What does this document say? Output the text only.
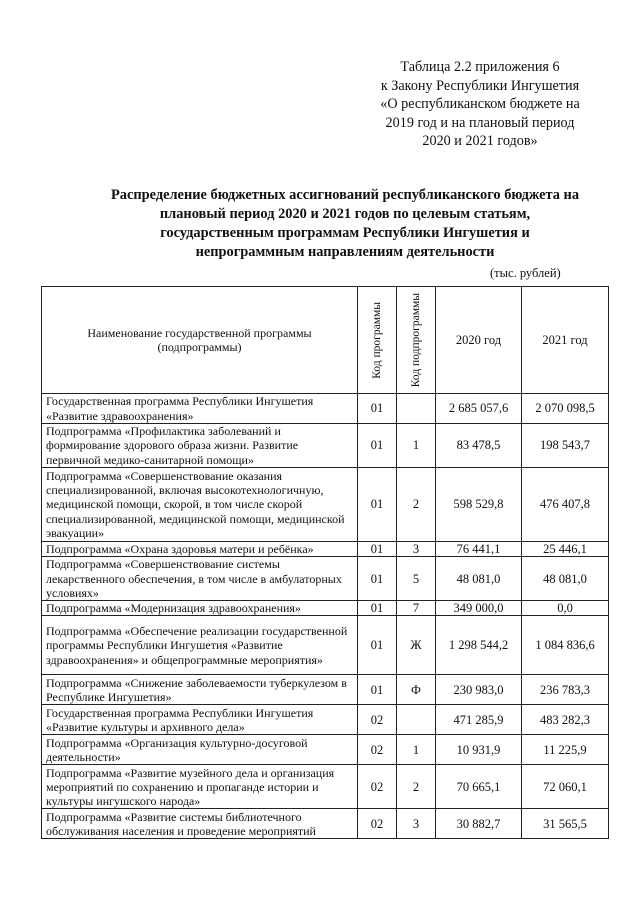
Таблица 2.2 приложения 6
к Закону Республики Ингушетия
«О республиканском бюджете на
2019 год и на плановый период
2020 и 2021 годов»
Распределение бюджетных ассигнований республиканского бюджета на
плановый период 2020 и 2021 годов по целевым статьям,
государственным программам Республики Ингушетия и
непрограммным направлениям деятельности
(тыс. рублей)
Наименование государственной программы (подпрограммы)	Код программы	Код подпрограммы	2020 год	2021 год
Государственная программа Республики Ингушетия «Развитие здравоохранения»	01		2 685 057,6	2 070 098,5
Подпрограмма «Профилактика заболеваний и формирование здорового образа жизни. Развитие первичной медико-санитарной помощи»	01	1	83 478,5	198 543,7
Подпрограмма «Совершенствование оказания специализированной, включая высокотехнологичную, медицинской помощи, скорой, в том числе скорой специализированной, медицинской помощи, медицинской эвакуации»	01	2	598 529,8	476 407,8
Подпрограмма «Охрана здоровья матери и ребёнка»	01	3	76 441,1	25 446,1
Подпрограмма «Совершенствование системы лекарственного обеспечения, в том числе в амбулаторных условиях»	01	5	48 081,0	48 081,0
Подпрограмма «Модернизация здравоохранения»	01	7	349 000,0	0,0
Подпрограмма «Обеспечение реализации государственной программы Республики Ингушетия «Развитие здравоохранения» и общепрограммные мероприятия»	01	Ж	1 298 544,2	1 084 836,6
Подпрограмма «Снижение заболеваемости туберкулезом в Республике Ингушетия»	01	Ф	230 983,0	236 783,3
Государственная программа Республики Ингушетия «Развитие культуры и архивного дела»	02		471 285,9	483 282,3
Подпрограмма «Организация культурно-досуговой деятельности»	02	1	10 931,9	11 225,9
Подпрограмма «Развитие музейного дела и организация мероприятий по сохранению и пропаганде истории и культуры ингушского народа»	02	2	70 665,1	72 060,1
Подпрограмма «Развитие системы библиотечного обслуживания населения и проведение мероприятий	02	3	30 882,7	31 565,5
